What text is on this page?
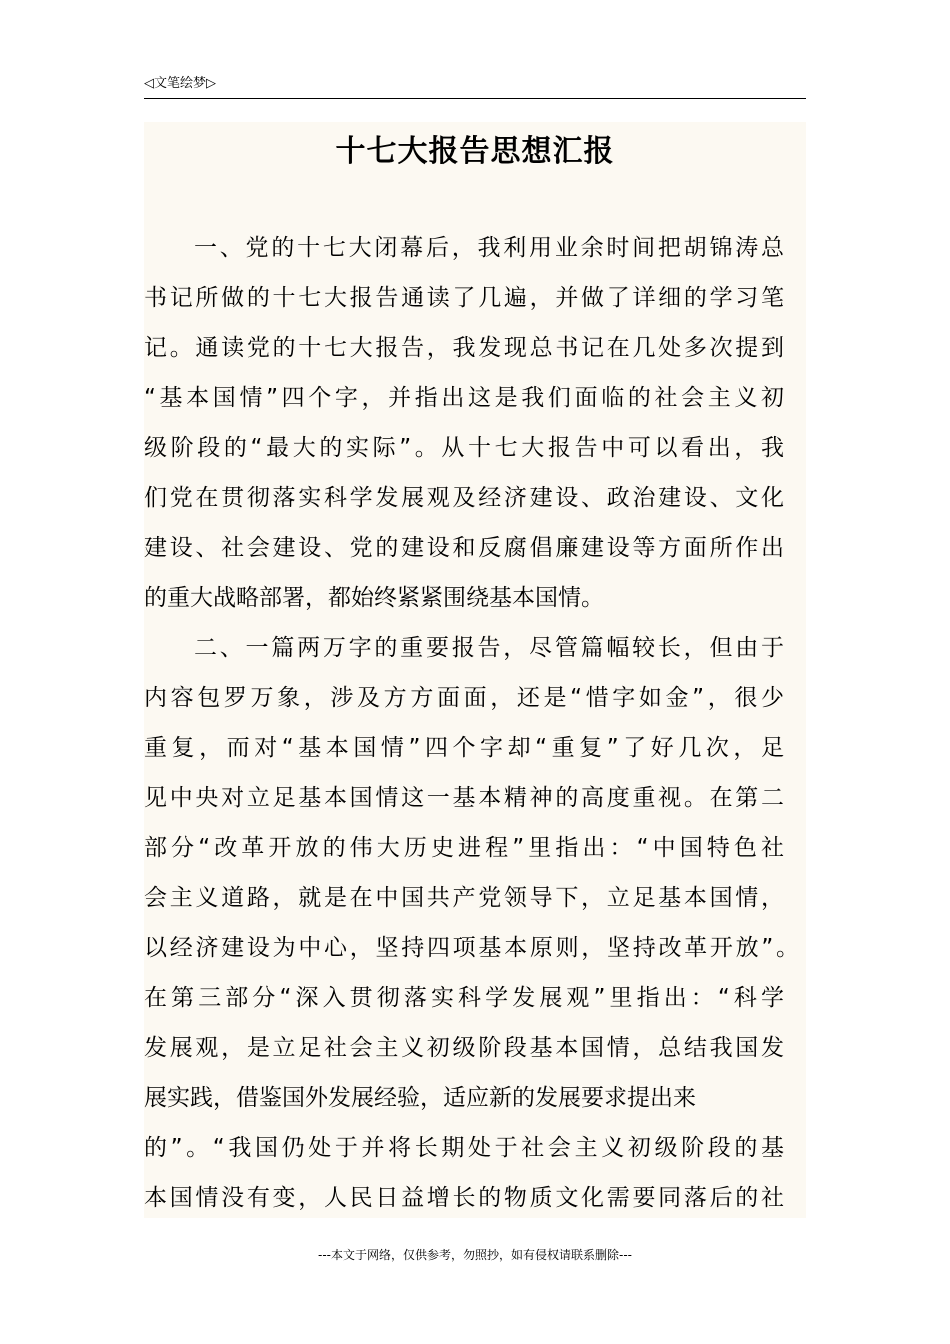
◁文笔绘梦▷
十七大报告思想汇报
一、党的十七大闭幕后，我利用业余时间把胡锦涛总
书记所做的十七大报告通读了几遍，并做了详细的学习笔
记。通读党的十七大报告，我发现总书记在几处多次提到
“基本国情”四个字，并指出这是我们面临的社会主义初
级阶段的“最大的实际”。从十七大报告中可以看出，我
们党在贯彻落实科学发展观及经济建设、政治建设、文化
建设、社会建设、党的建设和反腐倡廉建设等方面所作出
的重大战略部署，都始终紧紧围绕基本国情。
二、一篇两万字的重要报告，尽管篇幅较长，但由于
内容包罗万象，涉及方方面面，还是“惜字如金”，很少
重复，而对“基本国情”四个字却“重复”了好几次，足
见中央对立足基本国情这一基本精神的高度重视。在第二
部分“改革开放的伟大历史进程”里指出：“中国特色社
会主义道路，就是在中国共产党领导下，立足基本国情，
以经济建设为中心，坚持四项基本原则，坚持改革开放”。
在第三部分“深入贯彻落实科学发展观”里指出：“科学
发展观，是立足社会主义初级阶段基本国情，总结我国发
展实践，借鉴国外发展经验，适应新的发展要求提出来
的”。“我国仍处于并将长期处于社会主义初级阶段的基
本国情没有变，人民日益增长的物质文化需要同落后的社
---本文于网络，仅供参考，勿照抄，如有侵权请联系删除---
